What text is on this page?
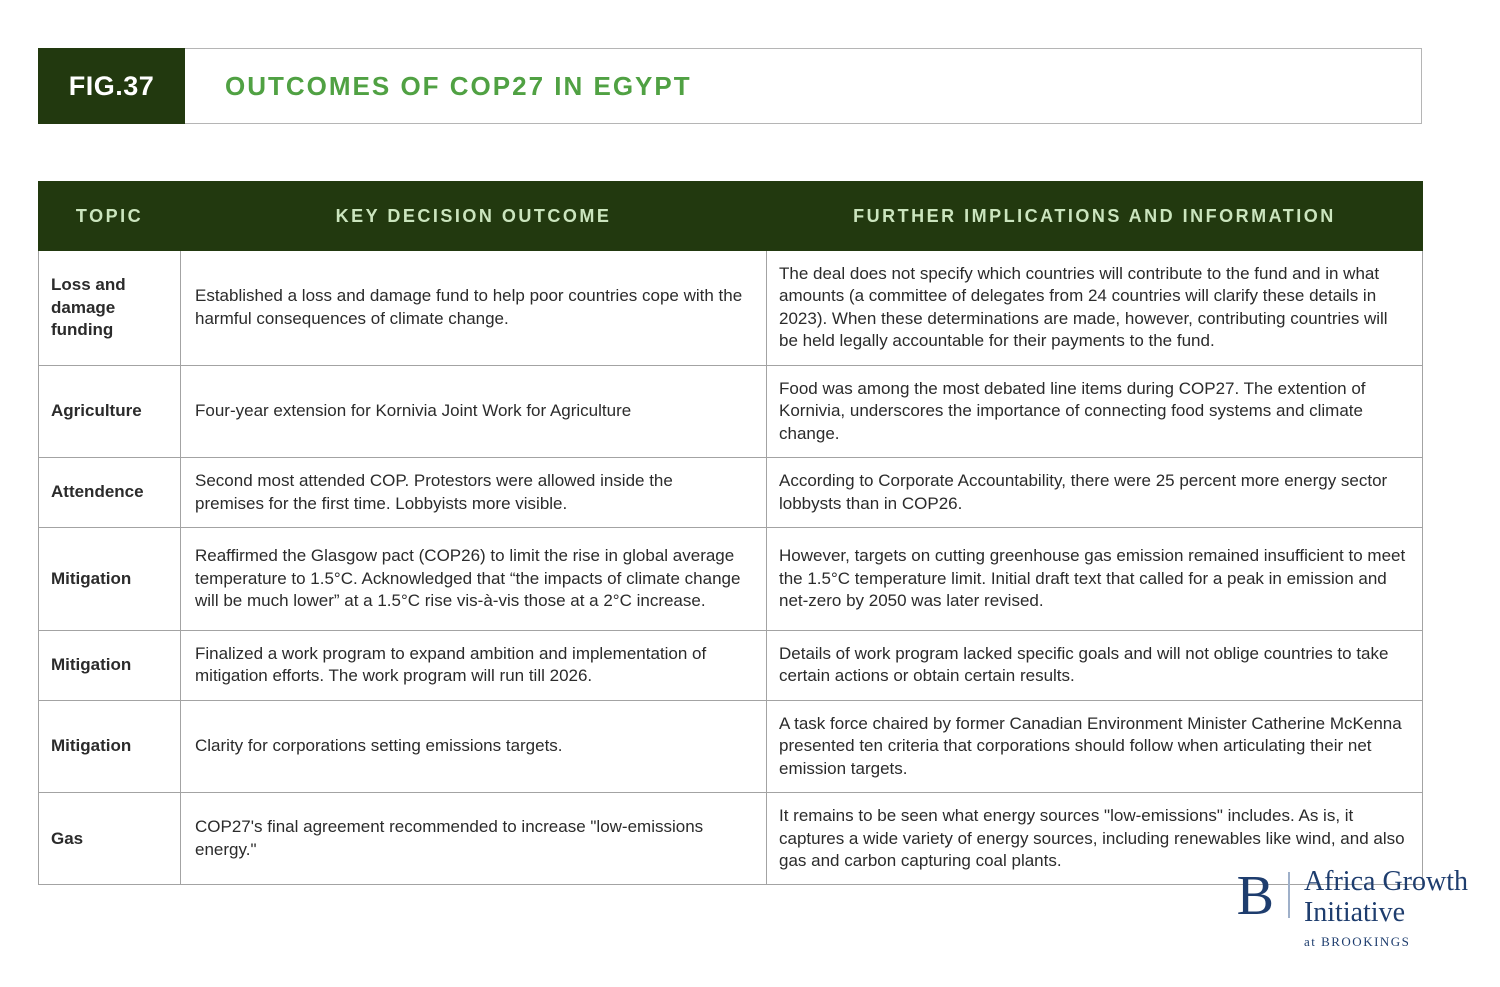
FIG.37	OUTCOMES OF COP27 IN EGYPT
TOPIC	KEY DECISION OUTCOME	FURTHER IMPLICATIONS AND INFORMATION
Loss and damage funding	Established a loss and damage fund to help poor countries cope with the harmful consequences of climate change.	The deal does not specify which countries will contribute to the fund and in what amounts (a committee of delegates from 24 countries will clarify these details in 2023). When these determinations are made, however, contributing countries will be held legally accountable for their payments to the fund.
Agriculture	Four-year extension for Kornivia Joint Work for Agriculture	Food was among the most debated line items during COP27. The extention of Kornivia, underscores the importance of connecting food systems and climate change.
Attendence	Second most attended COP. Protestors were allowed inside the premises for the first time. Lobbyists more visible.	According to Corporate Accountability, there were 25 percent more energy sector lobbysts than in COP26.
Mitigation	Reaffirmed the Glasgow pact (COP26) to limit the rise in global average temperature to 1.5°C. Acknowledged that “the impacts of climate change will be much lower” at a 1.5°C rise vis-à-vis those at a 2°C increase.	However, targets on cutting greenhouse gas emission remained insufficient to meet the 1.5°C temperature limit. Initial draft text that called for a peak in emission and net-zero by 2050 was later revised.
Mitigation	Finalized a work program to expand ambition and implementation of mitigation efforts. The work program will run till 2026.	Details of work program lacked specific goals and will not oblige countries to take certain actions or obtain certain results.
Mitigation	Clarity for corporations setting emissions targets.	A task force chaired by former Canadian Environment Minister Catherine McKenna presented ten criteria that corporations should follow when articulating their net emission targets.
Gas	COP27's final agreement recommended to increase "low-emissions energy."	It remains to be seen what energy sources "low-emissions" includes. As is, it captures a wide variety of energy sources, including renewables like wind, and also gas and carbon capturing coal plants.
B	Africa Growth
Initiative
at BROOKINGS
